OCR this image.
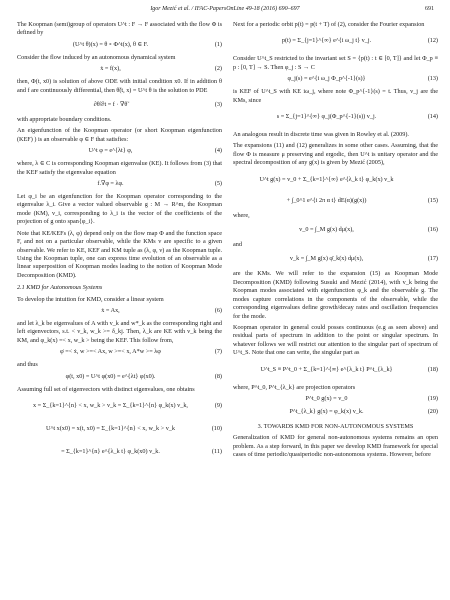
Igor Mezić et al. / IFAC-PapersOnLine 49-18 (2016) 690–697	691

The Koopman (semi)group of operators U^t : F → F associated with the flow Φ is defined by

(U^t θ)(x) = θ ∘ Φ^t(x), θ ∈ F.	(1)

Consider the flow induced by an autonomous dynamical system

ẋ = f(x),	(2)

then, Φ(t, x0) is solution of above ODE with initial condition x0. If in addition θ and f are continuously differential, then θ̃(t, x) = U^t θ is the solution to PDE

∂θ̃/∂t = f · ∇θ̃	(3)

with appropriate boundary conditions.

An eigenfunction of the Koopman operator (or short Koopman eigenfunction (KEF) ) is an observable φ ∈ F that satisfies:

U^t φ = e^{λt} φ,	(4)

where, λ ∈ C is corresponding Koopman eigenvalue (KE). It follows from (3) that the KEF satisfy the eigenvalue equation

f.∇φ = λφ.	(5)

Let φ_i be an eigenfunction for the Koopman operator corresponding to the eigenvalue λ_i. Give a vector valued observable g : M → R^m, the Koopman mode (KM), v_i, corresponding to λ_i is the vector of the coefficients of the projection of g onto span{φ_i}.

Note that KE/KEFs (λ, φ) depend only on the flow map Φ and the function space F, and not on a particular observable, while the KMs v are specific to a given observable. We refer to KE, KEF and KM tuple as (λ, φ, v) as the Koopman tuple. Using the Koopman tuple, one can express time evolution of an observable as a linear superposition of Koopman modes leading to the notion of Koopman Mode Decomposition (KMD).

2.1 KMD for Autonomous Systems

To develop the intuition for KMD, consider a linear system

ẋ = Ax,	(6)

and let λ_k be eigenvalues of A with v_k and w*_k as the corresponding right and left eigenvectors, s.t. < v_k, w_k >= δ_kj. Then, λ_k are KE with v_k being the KM, and φ_k(x) =< x, w_k > being the KEF. This follow from,

φ̇ =< ẋ, w >=< Ax, w >=< x, A*w >= λφ	(7)

and thus

φ(t, x0) = U^t φ(x0) = e^{λt} φ(x0).	(8)

Assuming full set of eigenvectors with distinct eigenvalues, one obtains

x = Σ_{k=1}^{n} < x, w_k > v_k = Σ_{k=1}^{n} φ_k(x) v_k,	(9)
U^t x(x0) = x(t, x0) = Σ_{k=1}^{n} < x, w_k > v_k	(10)
= Σ_{k=1}^{n} e^{λ_k t} φ_k(x0) v_k.	(11)

Next for a periodic orbit p(t) = p(t + T) of (2), consider the Fourier expansion

p(t) = Σ_{j=1}^{∞} e^{i ω_j t} v_j.	(12)

Consider U^t_S restricted to the invariant set S = {p(t) : t ∈ [0, T]} and let Φ_p ≡ p : [0, T] → S. Then φ_j : S → C

φ_j(s) = e^{i ω_j Φ_p^{-1}(s)}	(13)

is KEF of U^t_S with KE iω_j, where note Φ_p^{-1}(s) = t. Thus, v_j are the KMs, since

s = Σ_{j=1}^{∞} φ_j(Φ_p^{-1}(s)) v_j.	(14)

An analogous result in discrete time was given in Rowley et al. (2009).

The expansions (11) and (12) generalizes in some other cases. Assuming, that the flow Φ is measure μ preserving and ergodic, then U^t is unitary operator and the spectral decomposition of any g(x) is given by Mezić (2005),

U^t g(x) = v_0 + Σ_{k=1}^{∞} e^{λ_k t} φ_k(x) v_k
+ ∫_0^1 e^{i 2π α t} dE(α)(g(x))	(15)

where,

v_0 = ∫_M g(x) dμ(x),	(16)

and

v_k = ∫_M g(x) φ̄_k(x) dμ(x),	(17)

are the KMs. We will refer to the expansion (15) as Koopman Mode Decomposition (KMD) following Susuki and Mezić (2014), with v_k being the Koopman modes associated with eigenfunction φ_k and the observable g. The modes capture correlations in the components of the observable, while the corresponding eigenvalues define growth/decay rates and oscillation frequencies for the mode.

Koopman operator in general could posses continuous (e.g as seen above) and residual parts of spectrum in addition to the point or singular spectrum. In whatever follows we will restrict our attention to the singular part of spectrum of U^t_S. Note that one can write, the singular part as

U^t_S ≡ P^t_0 + Σ_{k=1}^{∞} e^{λ_k t} P^t_{λ_k}	(18)

where, P^t_0, P^t_{λ_k} are projection operators

P^t_0 g(x) = v_0	(19)
P^t_{λ_k} g(x) = φ_k(x) v_k.	(20)
3. TOWARDS KMD FOR NON-AUTONOMOUS SYSTEMS

Generalization of KMD for general non-autonomous systems remains an open problem. As a step forward, in this paper we develop KMD framework for special cases of time periodic/quasiperiodic non-autonomous systems. However, before
